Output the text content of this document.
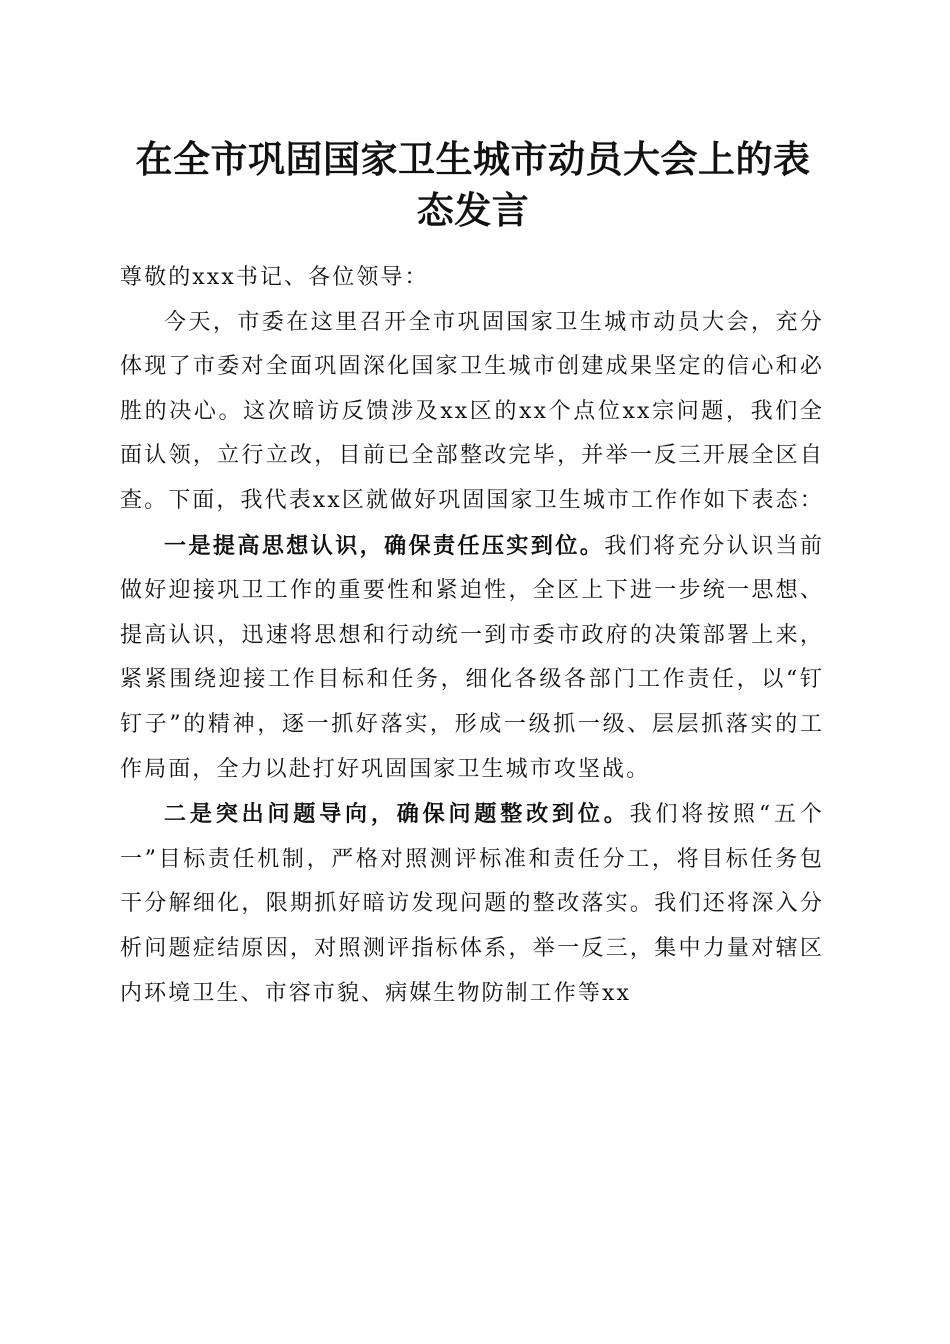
在全市巩固国家卫生城市动员大会上的表态发言

尊敬的xxx书记、各位领导：

今天，市委在这里召开全市巩固国家卫生城市动员大会，充分体现了市委对全面巩固深化国家卫生城市创建成果坚定的信心和必胜的决心。这次暗访反馈涉及xx区的xx个点位xx宗问题，我们全面认领，立行立改，目前已全部整改完毕，并举一反三开展全区自查。下面，我代表xx区就做好巩固国家卫生城市工作作如下表态：

一是提高思想认识，确保责任压实到位。我们将充分认识当前做好迎接巩卫工作的重要性和紧迫性，全区上下进一步统一思想、提高认识，迅速将思想和行动统一到市委市政府的决策部署上来，紧紧围绕迎接工作目标和任务，细化各级各部门工作责任，以“钉钉子”的精神，逐一抓好落实，形成一级抓一级、层层抓落实的工作局面，全力以赴打好巩固国家卫生城市攻坚战。

二是突出问题导向，确保问题整改到位。我们将按照“五个一”目标责任机制，严格对照测评标准和责任分工，将目标任务包干分解细化，限期抓好暗访发现问题的整改落实。我们还将深入分析问题症结原因，对照测评指标体系，举一反三，集中力量对辖区内环境卫生、市容市貌、病媒生物防制工作等xx
